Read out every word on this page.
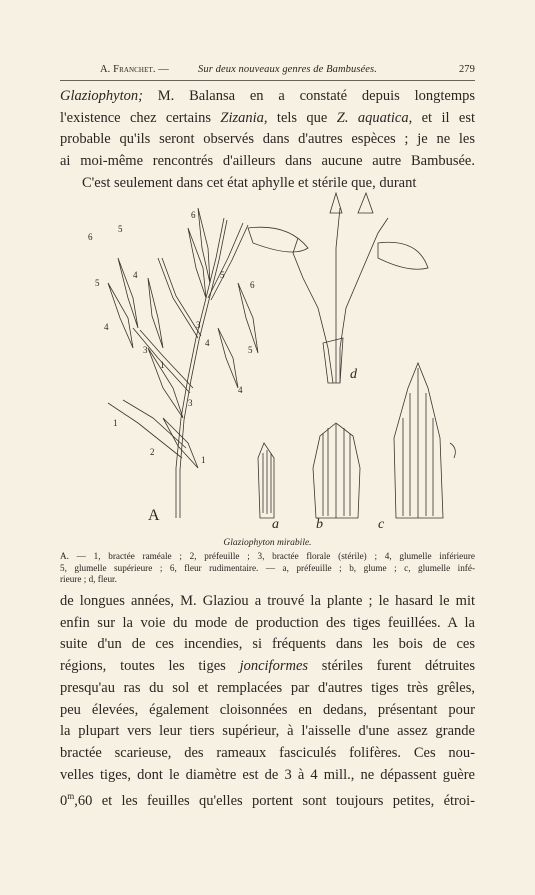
A. Franchet. —	Sur deux nouveaux genres de Bambusées.	279
Glaziophyton; M. Balansa en a constaté depuis longtemps
l'existence chez certains Zizania, tels que Z. aquatica, et il est
probable qu'ils seront observés dans d'autres espèces ; je ne les
ai moi-même rencontrés d'ailleurs dans aucune autre Bambusée.
C'est seulement dans cet état aphylle et stérile que, durant
6
6
5
4
5
5
6
4	3
4
5
3
1
4
3
1
2
1
A
a	b	c
d
Glaziophyton mirabile.
A. — 1, bractée raméale ; 2, préfeuille ; 3, bractée florale (stérile) ; 4, glumelle inférieure
5, glumelle supérieure ; 6, fleur rudimentaire. — a, préfeuille ; b, glume ; c, glumelle infé-
rieure ; d, fleur.
de longues années, M. Glaziou a trouvé la plante ; le hasard le mit
enfin sur la voie du mode de production des tiges feuillées. A la
suite d'un de ces incendies, si fréquents dans les bois de ces
régions, toutes les tiges jonciformes stériles furent détruites
presqu'au ras du sol et remplacées par d'autres tiges très grêles,
peu élevées, également cloisonnées en dedans, présentant pour
la plupart vers leur tiers supérieur, à l'aisselle d'une assez grande
bractée scarieuse, des rameaux fasciculés folifères. Ces nou-
velles tiges, dont le diamètre est de 3 à 4 mill., ne dépassent guère
0$^m$,60 et les feuilles qu'elles portent sont toujours petites, étroi-
